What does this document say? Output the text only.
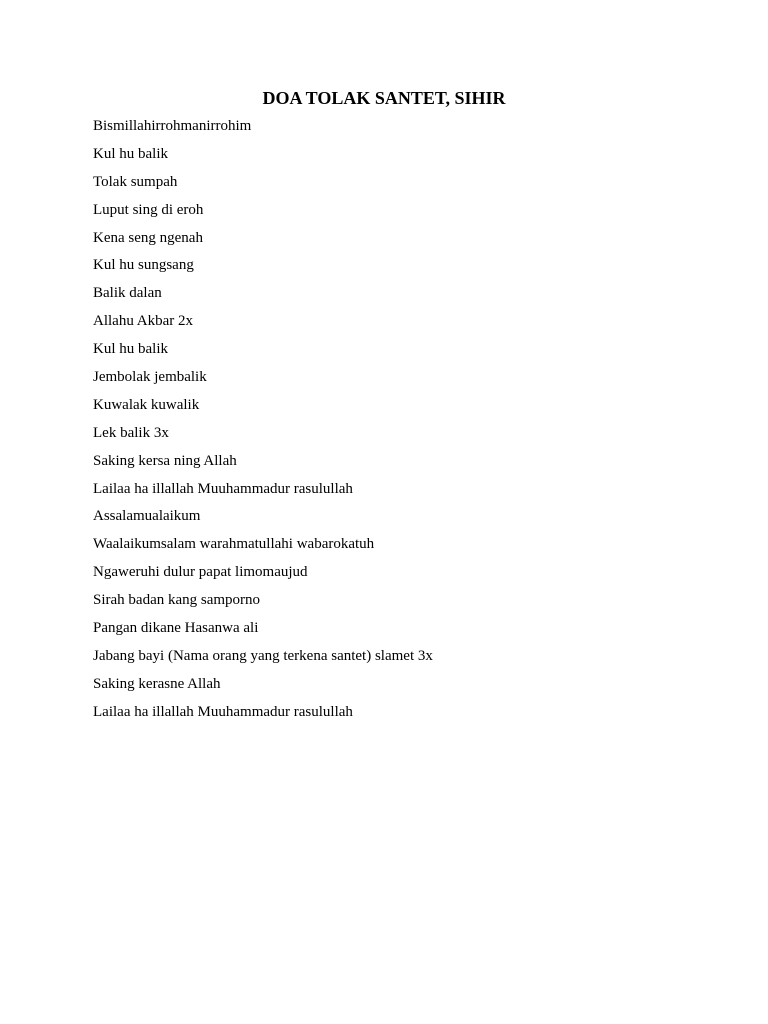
DOA TOLAK SANTET, SIHIR
Bismillahirrohmanirrohim
Kul hu balik
Tolak sumpah
Luput sing di eroh
Kena seng ngenah
Kul hu sungsang
Balik dalan
Allahu Akbar 2x
Kul hu balik
Jembolak jembalik
Kuwalak kuwalik
Lek balik 3x
Saking kersa ning Allah
Lailaa ha illallah Muuhammadur rasulullah
Assalamualaikum
Waalaikumsalam warahmatullahi wabarokatuh
Ngaweruhi dulur papat limomaujud
Sirah badan kang samporno
Pangan dikane Hasanwa ali
Jabang bayi (Nama orang yang terkena santet) slamet 3x
Saking kerasne Allah
Lailaa ha illallah Muuhammadur rasulullah
